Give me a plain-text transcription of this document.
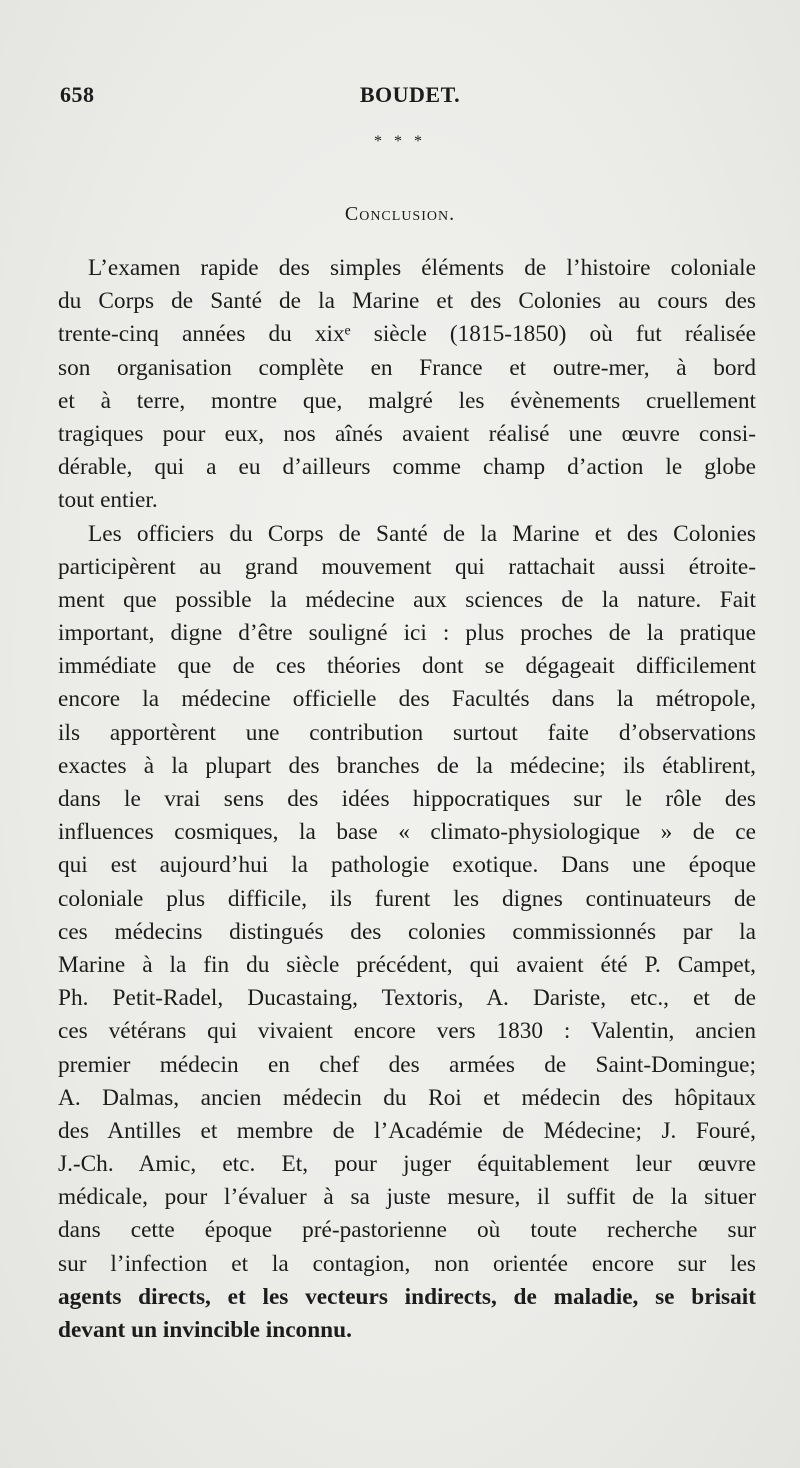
658	BOUDET.
* * *
Conclusion.
L’examen rapide des simples éléments de l’histoire coloniale
du Corps de Santé de la Marine et des Colonies au cours des
trente-cinq années du xixᵉ siècle (1815-1850) où fut réalisée
son organisation complète en France et outre-mer, à bord
et à terre, montre que, malgré les évènements cruellement
tragiques pour eux, nos aînés avaient réalisé une œuvre consi-
dérable, qui a eu d’ailleurs comme champ d’action le globe
tout entier.
Les officiers du Corps de Santé de la Marine et des Colonies
participèrent au grand mouvement qui rattachait aussi étroite-
ment que possible la médecine aux sciences de la nature. Fait
important, digne d’être souligné ici : plus proches de la pratique
immédiate que de ces théories dont se dégageait difficilement
encore la médecine officielle des Facultés dans la métropole,
ils apportèrent une contribution surtout faite d’observations
exactes à la plupart des branches de la médecine; ils établirent,
dans le vrai sens des idées hippocratiques sur le rôle des
influences cosmiques, la base « climato-physiologique » de ce
qui est aujourd’hui la pathologie exotique. Dans une époque
coloniale plus difficile, ils furent les dignes continuateurs de
ces médecins distingués des colonies commissionnés par la
Marine à la fin du siècle précédent, qui avaient été P. Campet,
Ph. Petit-Radel, Ducastaing, Textoris, A. Dariste, etc., et de
ces vétérans qui vivaient encore vers 1830 : Valentin, ancien
premier médecin en chef des armées de Saint-Domingue;
A. Dalmas, ancien médecin du Roi et médecin des hôpitaux
des Antilles et membre de l’Académie de Médecine; J. Fouré,
J.-Ch. Amic, etc. Et, pour juger équitablement leur œuvre
médicale, pour l’évaluer à sa juste mesure, il suffit de la situer
dans cette époque pré-pastorienne où toute recherche sur
sur l’infection et la contagion, non orientée encore sur les
agents directs, et les vecteurs indirects, de maladie, se brisait
devant un invincible inconnu.
